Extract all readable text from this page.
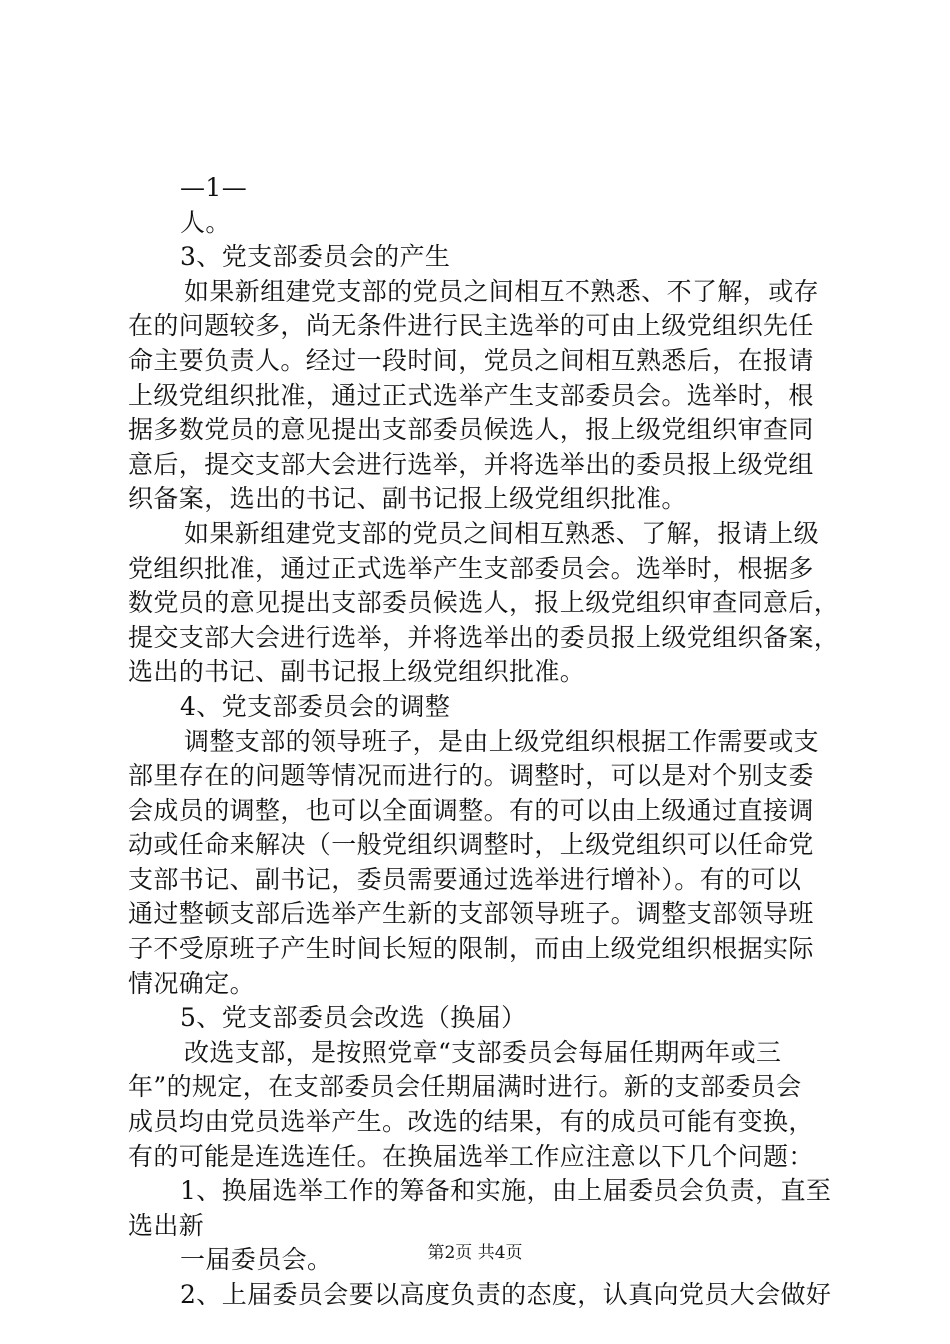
—1—
人。
3、党支部委员会的产生
如果新组建党支部的党员之间相互不熟悉、不了解，或存
在的问题较多，尚无条件进行民主选举的可由上级党组织先任
命主要负责人。经过一段时间，党员之间相互熟悉后，在报请
上级党组织批准，通过正式选举产生支部委员会。选举时，根
据多数党员的意见提出支部委员候选人，报上级党组织审查同
意后，提交支部大会进行选举，并将选举出的委员报上级党组
织备案，选出的书记、副书记报上级党组织批准。
如果新组建党支部的党员之间相互熟悉、了解，报请上级
党组织批准，通过正式选举产生支部委员会。选举时，根据多
数党员的意见提出支部委员候选人，报上级党组织审查同意后，
提交支部大会进行选举，并将选举出的委员报上级党组织备案，
选出的书记、副书记报上级党组织批准。
4、党支部委员会的调整
调整支部的领导班子，是由上级党组织根据工作需要或支
部里存在的问题等情况而进行的。调整时，可以是对个别支委
会成员的调整，也可以全面调整。有的可以由上级通过直接调
动或任命来解决（一般党组织调整时，上级党组织可以任命党
支部书记、副书记，委员需要通过选举进行增补）。有的可以
通过整顿支部后选举产生新的支部领导班子。调整支部领导班
子不受原班子产生时间长短的限制，而由上级党组织根据实际
情况确定。
5、党支部委员会改选（换届）
改选支部，是按照党章“支部委员会每届任期两年或三
年”的规定，在支部委员会任期届满时进行。新的支部委员会
成员均由党员选举产生。改选的结果，有的成员可能有变换，
有的可能是连选连任。在换届选举工作应注意以下几个问题：
1、换届选举工作的筹备和实施，由上届委员会负责，直至
选出新
一届委员会。
2、上届委员会要以高度负责的态度，认真向党员大会做好
第2页 共4页
